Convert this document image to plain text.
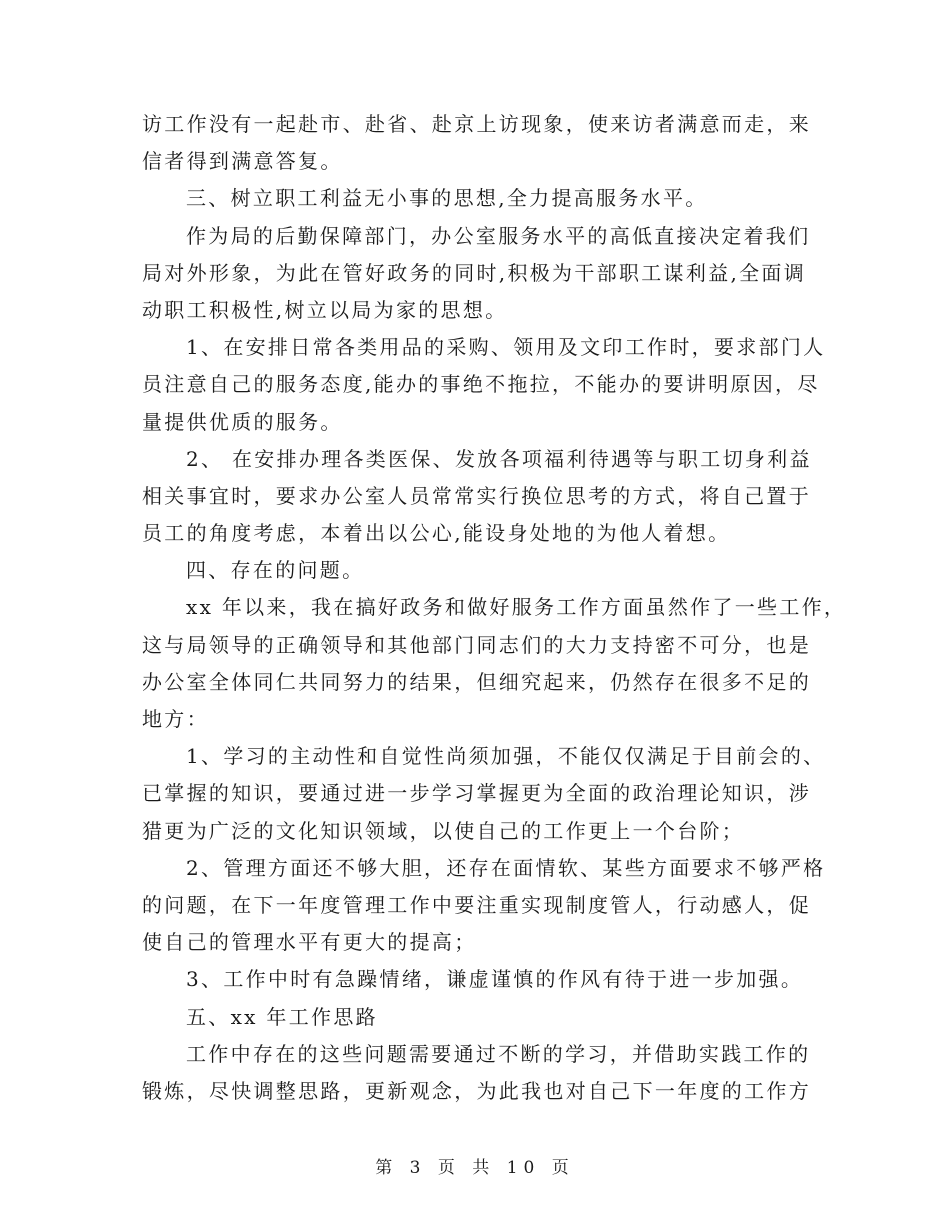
访工作没有一起赴市、赴省、赴京上访现象，使来访者满意而走，来
信者得到满意答复。
三、树立职工利益无小事的思想,全力提高服务水平。
作为局的后勤保障部门，办公室服务水平的高低直接决定着我们
局对外形象，为此在管好政务的同时,积极为干部职工谋利益,全面调
动职工积极性,树立以局为家的思想。
1、在安排日常各类用品的采购、领用及文印工作时，要求部门人
员注意自己的服务态度,能办的事绝不拖拉，不能办的要讲明原因，尽
量提供优质的服务。
2、 在安排办理各类医保、发放各项福利待遇等与职工切身利益
相关事宜时，要求办公室人员常常实行换位思考的方式，将自己置于
员工的角度考虑，本着出以公心,能设身处地的为他人着想。
四、存在的问题。
xx 年以来，我在搞好政务和做好服务工作方面虽然作了一些工作，
这与局领导的正确领导和其他部门同志们的大力支持密不可分，也是
办公室全体同仁共同努力的结果，但细究起来，仍然存在很多不足的
地方：
1、学习的主动性和自觉性尚须加强，不能仅仅满足于目前会的、
已掌握的知识，要通过进一步学习掌握更为全面的政治理论知识，涉
猎更为广泛的文化知识领域，以使自己的工作更上一个台阶；
2、管理方面还不够大胆，还存在面情软、某些方面要求不够严格
的问题，在下一年度管理工作中要注重实现制度管人，行动感人，促
使自己的管理水平有更大的提高；
3、工作中时有急躁情绪，谦虚谨慎的作风有待于进一步加强。
五、xx 年工作思路
工作中存在的这些问题需要通过不断的学习，并借助实践工作的
锻炼，尽快调整思路，更新观念，为此我也对自己下一年度的工作方
第 3 页 共 10 页
